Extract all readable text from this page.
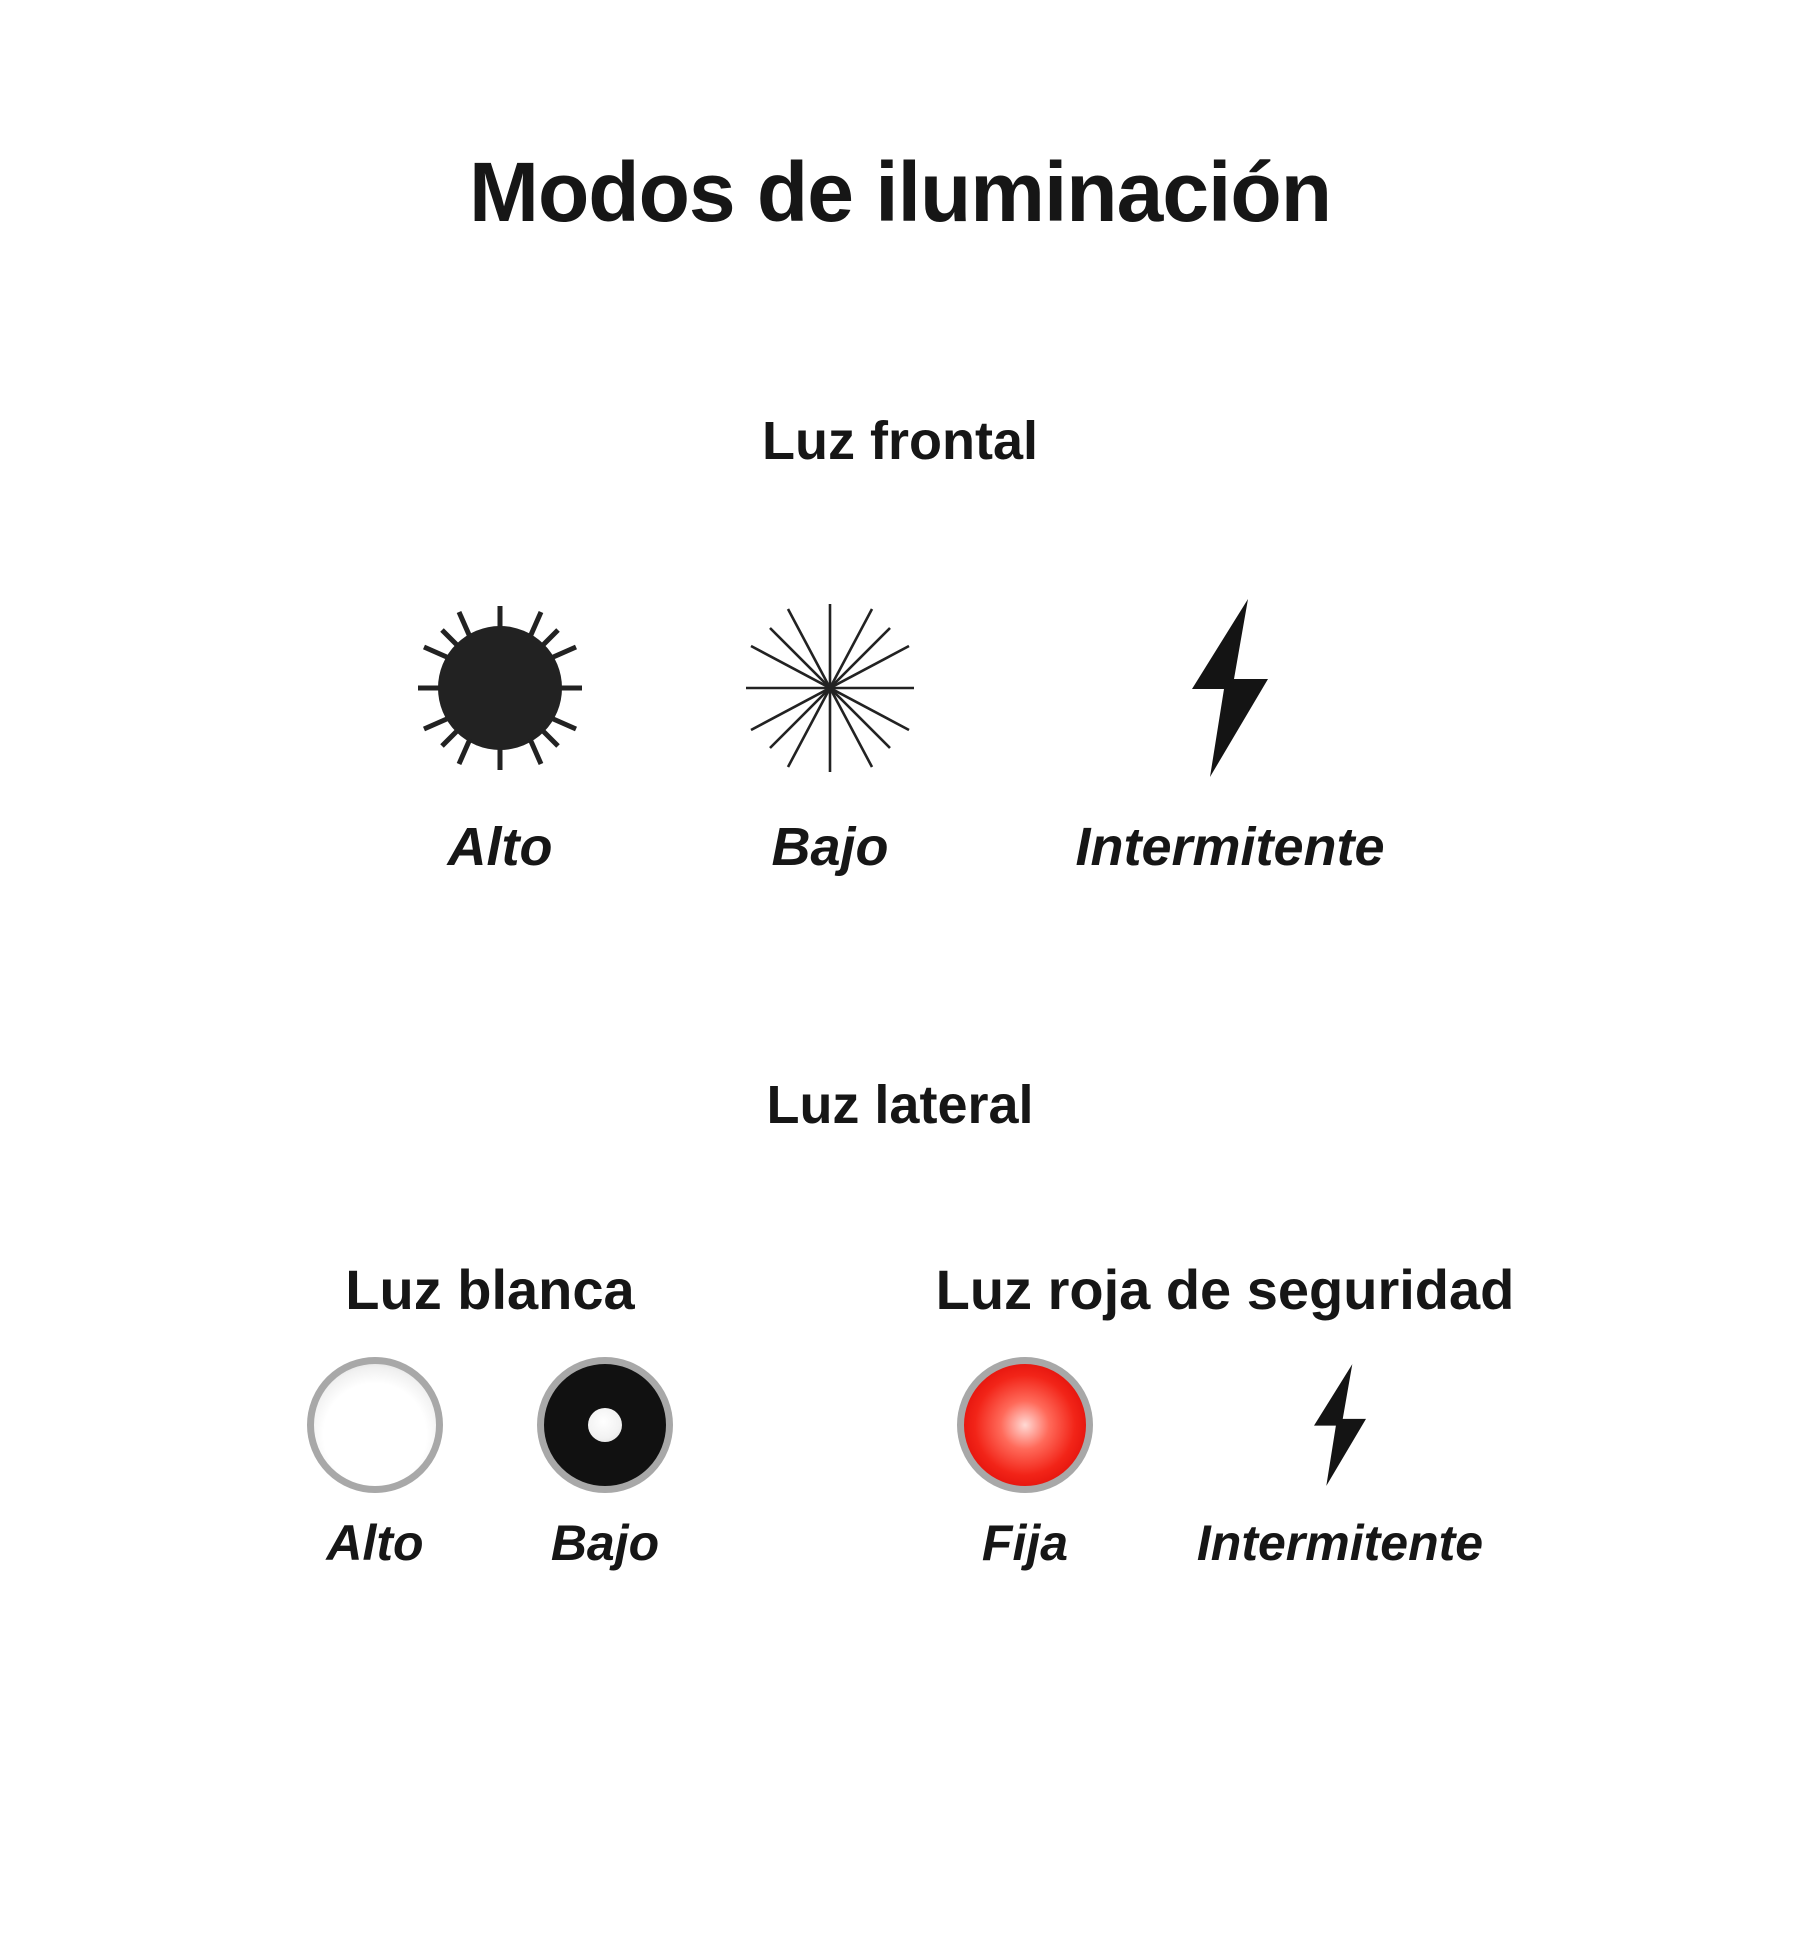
Modos de iluminación
Luz frontal
Alto	Bajo	Intermitente
Luz lateral
Luz blanca
Alto	Bajo
Luz roja de seguridad
Fija	Intermitente
